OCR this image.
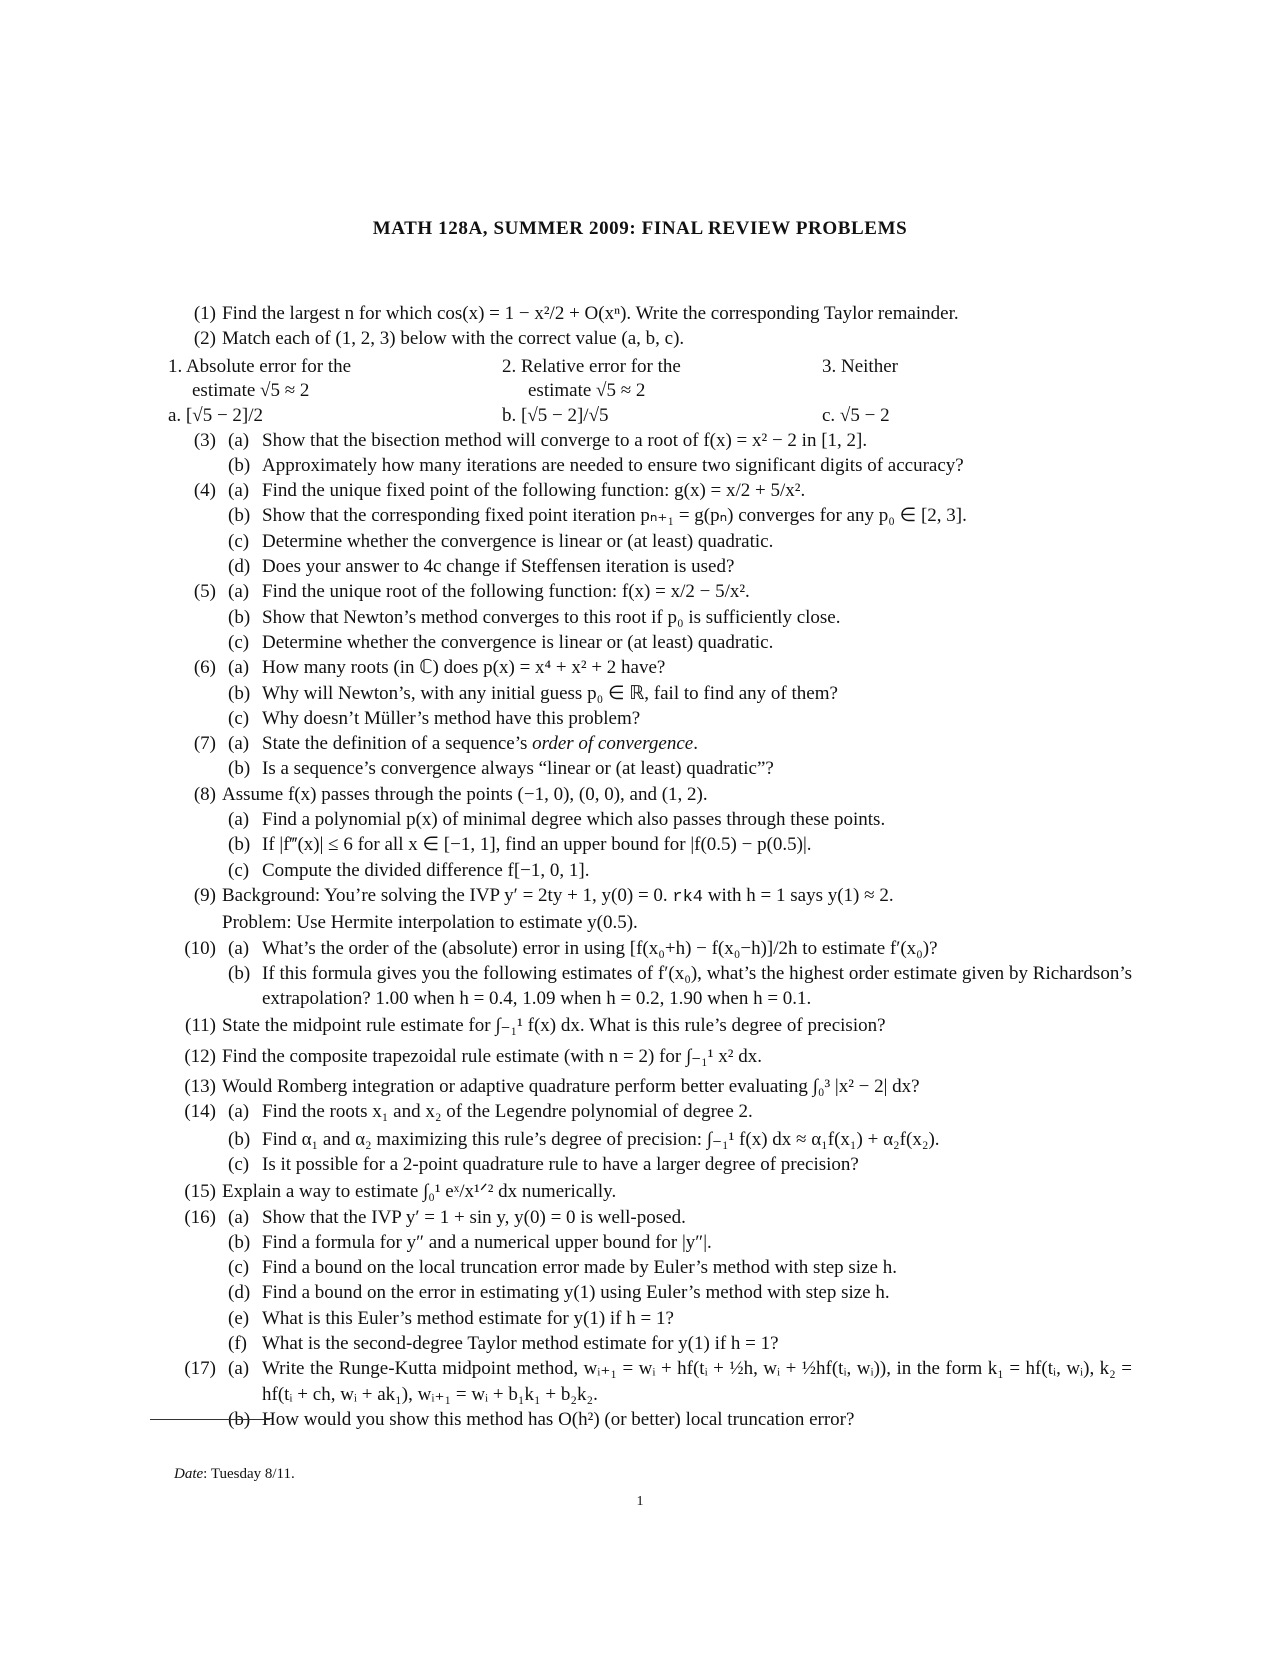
MATH 128A, SUMMER 2009: FINAL REVIEW PROBLEMS
(1) Find the largest n for which cos(x) = 1 − x²/2 + O(xⁿ). Write the corresponding Taylor remainder.
(2) Match each of (1, 2, 3) below with the correct value (a, b, c).
1. Absolute error for the
estimate √5 ≈ 2
2. Relative error for the
estimate √5 ≈ 2
3. Neither
a. [√5 − 2]/2	b. [√5 − 2]/√5	c. √5 − 2
(3) (a) Show that the bisection method will converge to a root of f(x) = x² − 2 in [1, 2].
(b) Approximately how many iterations are needed to ensure two significant digits of accuracy?
(4) (a) Find the unique fixed point of the following function: g(x) = x/2 + 5/x².
(b) Show that the corresponding fixed point iteration pₙ₊₁ = g(pₙ) converges for any p₀ ∈ [2, 3].
(c) Determine whether the convergence is linear or (at least) quadratic.
(d) Does your answer to 4c change if Steffensen iteration is used?
(5) (a) Find the unique root of the following function: f(x) = x/2 − 5/x².
(b) Show that Newton’s method converges to this root if p₀ is sufficiently close.
(c) Determine whether the convergence is linear or (at least) quadratic.
(6) (a) How many roots (in ℂ) does p(x) = x⁴ + x² + 2 have?
(b) Why will Newton’s, with any initial guess p₀ ∈ ℝ, fail to find any of them?
(c) Why doesn’t Müller’s method have this problem?
(7) (a) State the definition of a sequence’s order of convergence.
(b) Is a sequence’s convergence always “linear or (at least) quadratic”?
(8) Assume f(x) passes through the points (−1, 0), (0, 0), and (1, 2).
(a) Find a polynomial p(x) of minimal degree which also passes through these points.
(b) If |f‴(x)| ≤ 6 for all x ∈ [−1, 1], find an upper bound for |f(0.5) − p(0.5)|.
(c) Compute the divided difference f[−1, 0, 1].
(9) Background: You’re solving the IVP y′ = 2ty + 1, y(0) = 0. rk4 with h = 1 says y(1) ≈ 2.
Problem: Use Hermite interpolation to estimate y(0.5).
(10) (a) What’s the order of the (absolute) error in using [f(x₀+h) − f(x₀−h)]/2h to estimate f′(x₀)?
(b) If this formula gives you the following estimates of f′(x₀), what’s the highest order estimate given by Richardson’s extrapolation? 1.00 when h = 0.4, 1.09 when h = 0.2, 1.90 when h = 0.1.
(11) State the midpoint rule estimate for ∫₋₁¹ f(x) dx. What is this rule’s degree of precision?
(12) Find the composite trapezoidal rule estimate (with n = 2) for ∫₋₁¹ x² dx.
(13) Would Romberg integration or adaptive quadrature perform better evaluating ∫₀³ |x² − 2| dx?
(14) (a) Find the roots x₁ and x₂ of the Legendre polynomial of degree 2.
(b) Find α₁ and α₂ maximizing this rule’s degree of precision: ∫₋₁¹ f(x) dx ≈ α₁f(x₁) + α₂f(x₂).
(c) Is it possible for a 2-point quadrature rule to have a larger degree of precision?
(15) Explain a way to estimate ∫₀¹ eˣ/x¹ᐟ² dx numerically.
(16) (a) Show that the IVP y′ = 1 + sin y, y(0) = 0 is well-posed.
(b) Find a formula for y″ and a numerical upper bound for |y″|.
(c) Find a bound on the local truncation error made by Euler’s method with step size h.
(d) Find a bound on the error in estimating y(1) using Euler’s method with step size h.
(e) What is this Euler’s method estimate for y(1) if h = 1?
(f) What is the second-degree Taylor method estimate for y(1) if h = 1?
(17) (a) Write the Runge-Kutta midpoint method, wᵢ₊₁ = wᵢ + hf(tᵢ + ½h, wᵢ + ½hf(tᵢ, wᵢ)), in the form k₁ = hf(tᵢ, wᵢ), k₂ = hf(tᵢ + ch, wᵢ + ak₁), wᵢ₊₁ = wᵢ + b₁k₁ + b₂k₂.
(b) How would you show this method has O(h²) (or better) local truncation error?
Date: Tuesday 8/11.
1
